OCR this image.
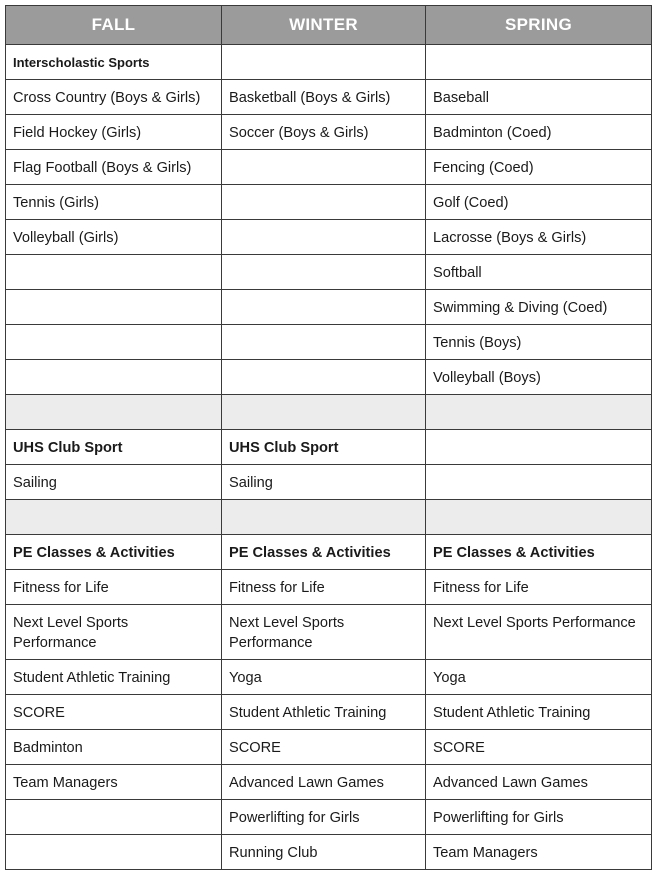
FALL	WINTER	SPRING
Interscholastic Sports		
Cross Country (Boys & Girls)	Basketball (Boys & Girls)	Baseball
Field Hockey (Girls)	Soccer (Boys & Girls)	Badminton (Coed)
Flag Football (Boys & Girls)		Fencing (Coed)
Tennis (Girls)		Golf (Coed)
Volleyball (Girls)		Lacrosse (Boys & Girls)
		Softball
		Swimming & Diving (Coed)
		Tennis (Boys)
		Volleyball (Boys)

UHS Club Sport	UHS Club Sport	
Sailing	Sailing	

PE Classes & Activities	PE Classes & Activities	PE Classes & Activities
Fitness for Life	Fitness for Life	Fitness for Life
Next Level Sports Performance	Next Level Sports Performance	Next Level Sports Performance
Student Athletic Training	Yoga	Yoga
SCORE	Student Athletic Training	Student Athletic Training
Badminton	SCORE	SCORE
Team Managers	Advanced Lawn Games	Advanced Lawn Games
	Powerlifting for Girls	Powerlifting for Girls
	Running Club	Team Managers
